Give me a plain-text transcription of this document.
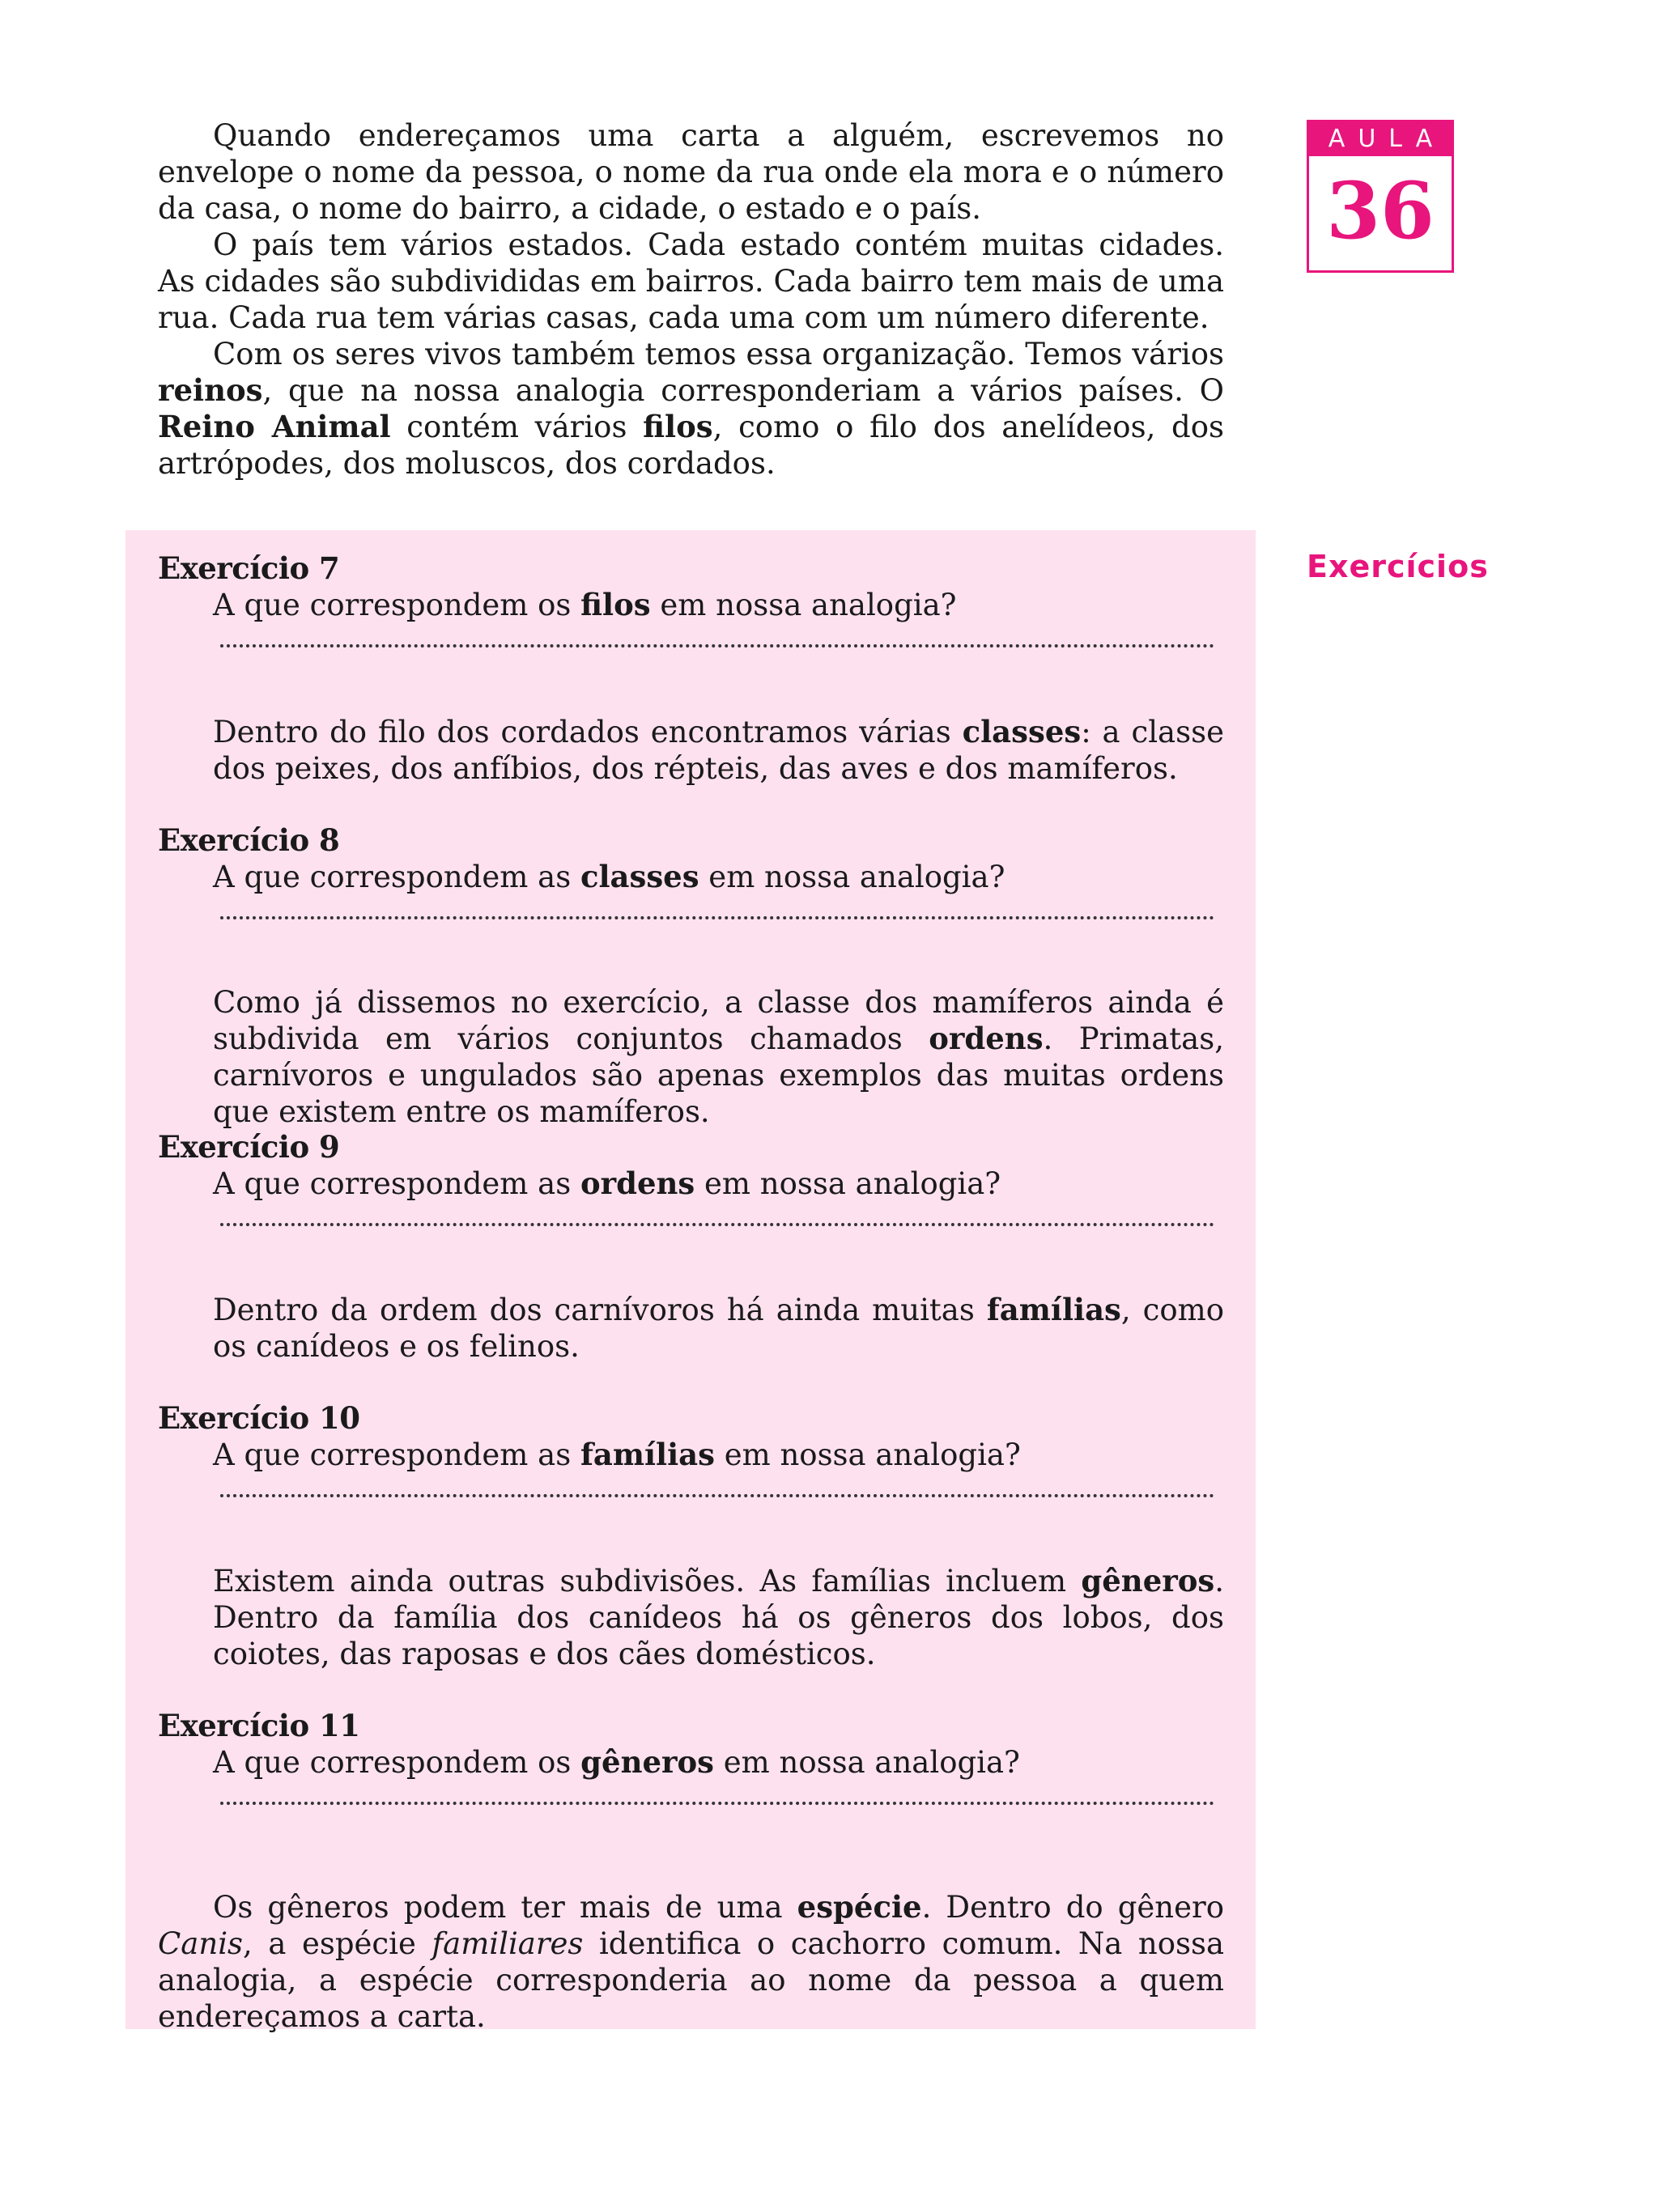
Quando endereçamos uma carta a alguém, escrevemos no envelope o nome da pessoa, o nome da rua onde ela mora e o número da casa, o nome do bairro, a cidade, o estado e o país.

O país tem vários estados. Cada estado contém muitas cidades. As cidades são subdivididas em bairros. Cada bairro tem mais de uma rua. Cada rua tem várias casas, cada uma com um número diferente.

Com os seres vivos também temos essa organização. Temos vários reinos, que na nossa analogia corresponderiam a vários países. O Reino Animal contém vários filos, como o filo dos anelídeos, dos artrópodes, dos moluscos, dos cordados.

AULA
36
Exercícios
Exercício 7
A que correspondem os filos em nossa analogia?

Dentro do filo dos cordados encontramos várias classes: a classe dos peixes, dos anfíbios, dos répteis, das aves e dos mamíferos.

Exercício 8
A que correspondem as classes em nossa analogia?

Como já dissemos no exercício, a classe dos mamíferos ainda é subdivida em vários conjuntos chamados ordens. Primatas, carnívoros e ungulados são apenas exemplos das muitas ordens que existem entre os mamíferos.

Exercício 9
A que correspondem as ordens em nossa analogia?

Dentro da ordem dos carnívoros há ainda muitas famílias, como os canídeos e os felinos.

Exercício 10
A que correspondem as famílias em nossa analogia?

Existem ainda outras subdivisões. As famílias incluem gêneros. Dentro da família dos canídeos há os gêneros dos lobos, dos coiotes, das raposas e dos cães domésticos.

Exercício 11
A que correspondem os gêneros em nossa analogia?

Os gêneros podem ter mais de uma espécie. Dentro do gênero Canis, a espécie familiares identifica o cachorro comum. Na nossa analogia, a espécie corresponderia ao nome da pessoa a quem endereçamos a carta.
